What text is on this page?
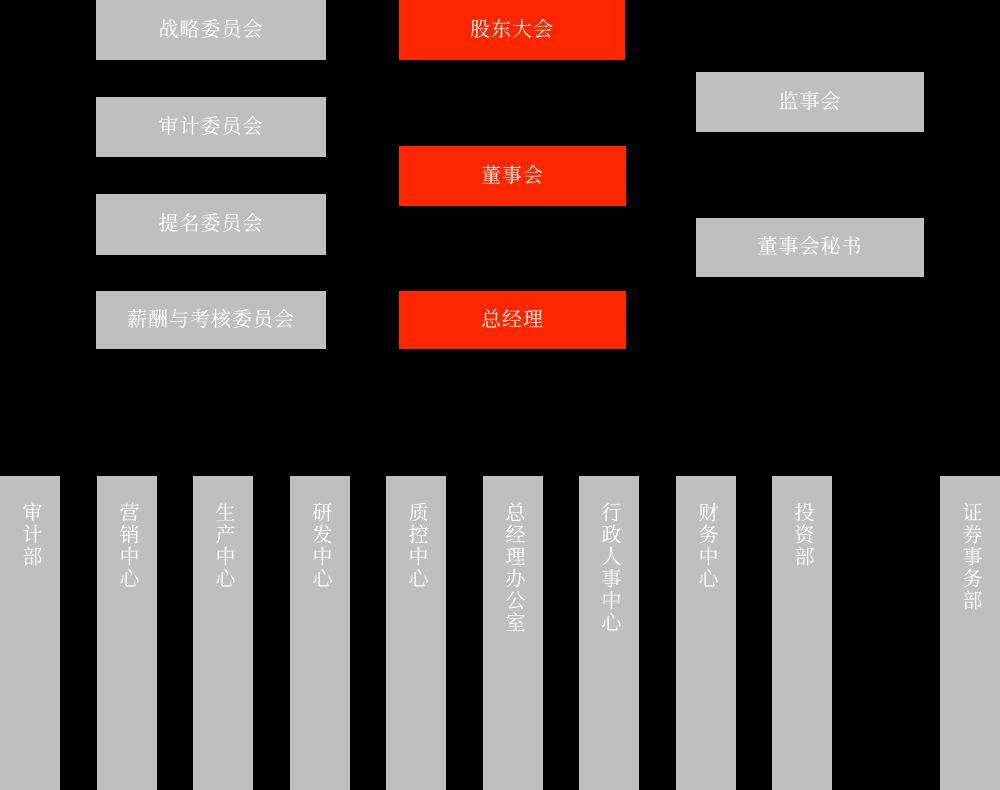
战略委员会	股东大会
监事会
审计委员会
董事会
提名委员会
董事会秘书
薪酬与考核委员会	总经理
审计部	营销中心	生产中心	研发中心	质控中心	总经理办公室	行政人事中心	财务中心	投资部	证券事务部
